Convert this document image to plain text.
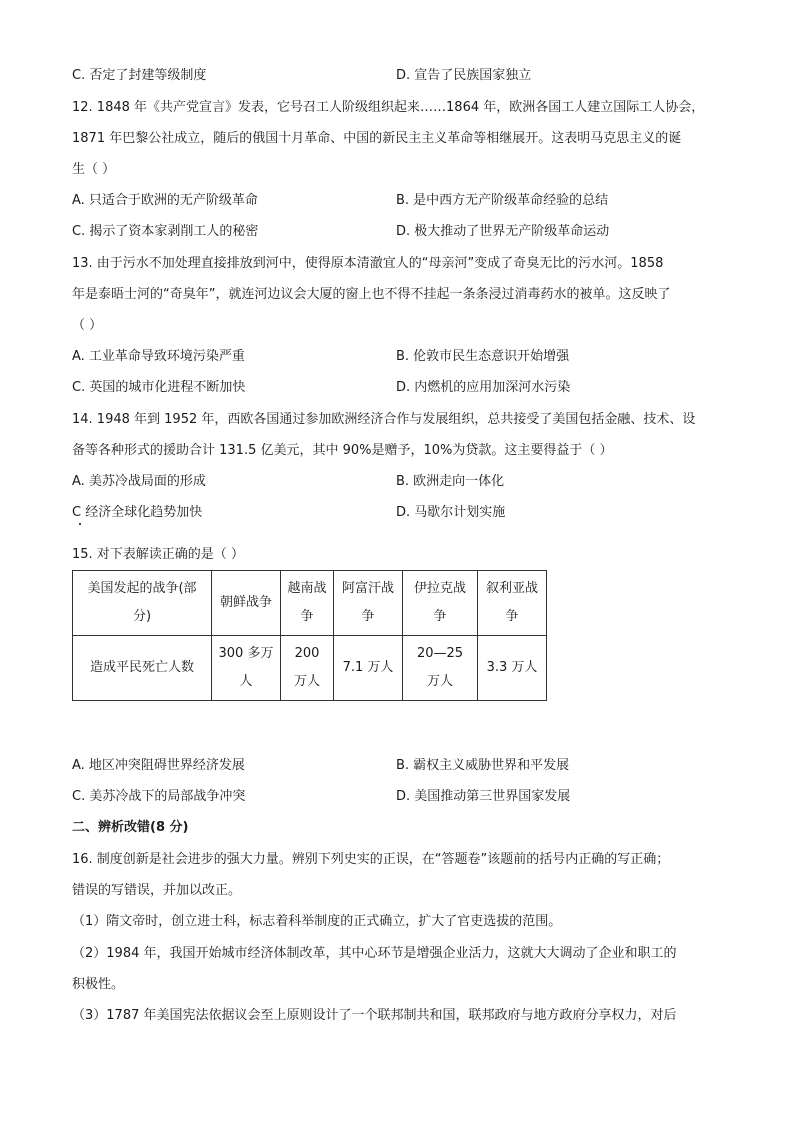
C. 否定了封建等级制度	D. 宣告了民族国家独立
12. 1848 年《共产党宣言》发表，它号召工人阶级组织起来……1864 年，欧洲各国工人建立国际工人协会，
1871 年巴黎公社成立，随后的俄国十月革命、中国的新民主主义革命等相继展开。这表明马克思主义的诞
生（ ）
A. 只适合于欧洲的无产阶级革命	B. 是中西方无产阶级革命经验的总结
C. 揭示了资本家剥削工人的秘密	D. 极大推动了世界无产阶级革命运动
13. 由于污水不加处理直接排放到河中，使得原本清澈宜人的“母亲河”变成了奇臭无比的污水河。1858
年是泰晤士河的“奇臭年”，就连河边议会大厦的窗上也不得不挂起一条条浸过消毒药水的被单。这反映了
（ ）
A. 工业革命导致环境污染严重	B. 伦敦市民生态意识开始增强
C. 英国的城市化进程不断加快	D. 内燃机的应用加深河水污染
14. 1948 年到 1952 年，西欧各国通过参加欧洲经济合作与发展组织，总共接受了美国包括金融、技术、设
备等各种形式的援助合计 131.5 亿美元，其中 90%是赠予，10%为贷款。这主要得益于（ ）
A. 美苏冷战局面的形成	B. 欧洲走向一体化
C 经济全球化趋势加快	D. 马歇尔计划实施
15. 对下表解读正确的是（ ）
美国发起的战争(部分)	朝鲜战争	越南战争	阿富汗战争	伊拉克战争	叙利亚战争
造成平民死亡人数	300 多万人	200 万人	7.1 万人	20—25 万人	3.3 万人
A. 地区冲突阻碍世界经济发展	B. 霸权主义威胁世界和平发展
C. 美苏冷战下的局部战争冲突	D. 美国推动第三世界国家发展
二、辨析改错(8 分)
16. 制度创新是社会进步的强大力量。辨别下列史实的正误，在“答题卷”该题前的括号内正确的写正确；
错误的写错误，并加以改正。
（1）隋文帝时，创立进士科，标志着科举制度的正式确立，扩大了官吏选拔的范围。
（2）1984 年，我国开始城市经济体制改革，其中心环节是增强企业活力，这就大大调动了企业和职工的
积极性。
（3）1787 年美国宪法依据议会至上原则设计了一个联邦制共和国，联邦政府与地方政府分享权力，对后
